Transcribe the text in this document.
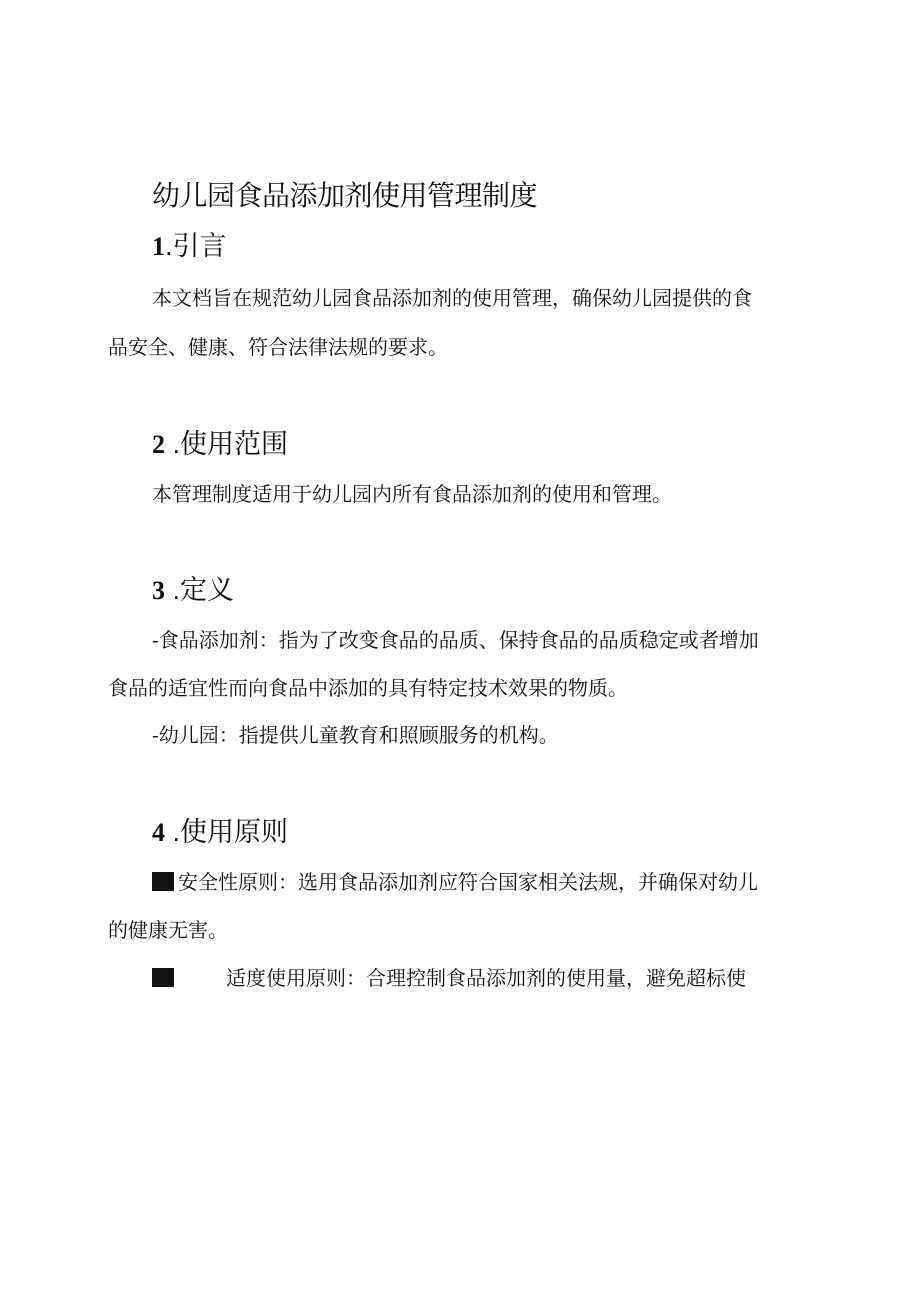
幼儿园食品添加剂使用管理制度
1.引言
本文档旨在规范幼儿园食品添加剂的使用管理，确保幼儿园提供的食
品安全、健康、符合法律法规的要求。
2 .使用范围
本管理制度适用于幼儿园内所有食品添加剂的使用和管理。
3 .定义
-食品添加剂：指为了改变食品的品质、保持食品的品质稳定或者增加
食品的适宜性而向食品中添加的具有特定技术效果的物质。
-幼儿园：指提供儿童教育和照顾服务的机构。
4 .使用原则
安全性原则：选用食品添加剂应符合国家相关法规，并确保对幼儿
的健康无害。
适度使用原则：合理控制食品添加剂的使用量，避免超标使
